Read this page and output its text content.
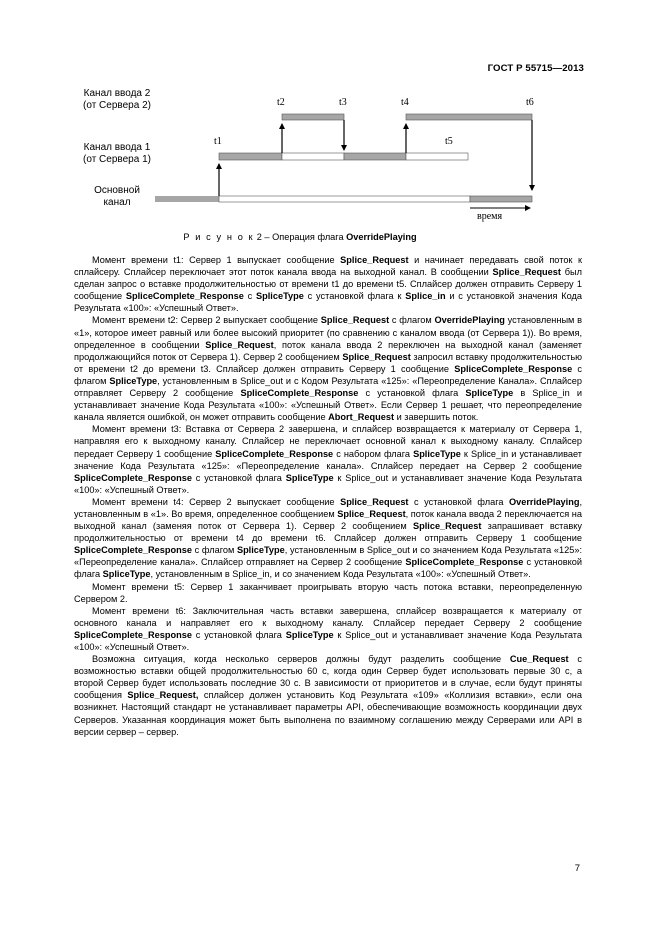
ГОСТ Р 55715—2013
Канал ввода 2
(от Сервера 2)
Канал ввода 1
(от Сервера 1)
Основной
канал
t1
t2	t3	t4
t5
t6
время
Р и с у н о к 2 – Операция флага OverridePlaying

Момент времени t1: Сервер 1 выпускает сообщение Splice_Request и начинает передавать свой поток к сплайсеру. Сплайсер переключает этот поток канала ввода на выходной канал. В сообщении Splice_Request был сделан запрос о вставке продолжительностью от времени t1 до времени t5. Сплайсер должен отправить Серверу 1 сообщение SpliceComplete_Response с SpliceType с установкой флага к Splice_in и с установкой значения Кода Результата «100»: «Успешный Ответ».

Момент времени t2: Сервер 2 выпускает сообщение Splice_Request с флагом OverridePlaying установленным в «1», которое имеет равный или более высокий приоритет (по сравнению с каналом ввода (от Сервера 1)). Во время, определенное в сообщении Splice_Request, поток канала ввода 2 переключен на выходной канал (заменяет продолжающийся поток от Сервера 1). Сервер 2 сообщением Splice_Request запросил вставку продолжительностью от времени t2 до времени t3. Сплайсер должен отправить Серверу 1 сообщение SpliceComplete_Response с флагом SpliceType, установленным в Splice_out и с Кодом Результата «125»: «Переопределение Канала». Сплайсер отправляет Серверу 2 сообщение SpliceComplete_Response с установкой флага SpliceType в Splice_in и устанавливает значение Кода Результата «100»: «Успешный Ответ». Если Сервер 1 решает, что переопределение канала является ошибкой, он может отправить сообщение Abort_Request и завершить поток.

Момент времени t3: Вставка от Сервера 2 завершена, и сплайсер возвращается к материалу от Сервера 1, направляя его к выходному каналу. Сплайсер не переключает основной канал к выходному каналу. Сплайсер передает Серверу 1 сообщение SpliceComplete_Response с набором флага SpliceType к Splice_in и устанавливает значение Кода Результата «125»: «Переопределение канала». Сплайсер передает на Сервер 2 сообщение SpliceComplete_Response с установкой флага SpliceType к Splice_out и устанавливает значение Кода Результата «100»: «Успешный Ответ».

Момент времени t4: Сервер 2 выпускает сообщение Splice_Request с установкой флага OverridePlaying, установленным в «1». Во время, определенное сообщением Splice_Request, поток канала ввода 2 переключается на выходной канал (заменяя поток от Сервера 1). Сервер 2 сообщением Splice_Request запрашивает вставку продолжительностью от времени t4 до времени t6. Сплайсер должен отправить Серверу 1 сообщение SpliceComplete_Response с флагом SpliceType, установленным в Splice_out и со значением Кода Результата «125»: «Переопределение канала». Сплайсер отправляет на Сервер 2 сообщение SpliceComplete_Response с установкой флага SpliceType, установленным в Splice_in, и со значением Кода Результата «100»: «Успешный Ответ».

Момент времени t5: Сервер 1 заканчивает проигрывать вторую часть потока вставки, переопределенную Сервером 2.

Момент времени t6: Заключительная часть вставки завершена, сплайсер возвращается к материалу от основного канала и направляет его к выходному каналу. Сплайсер передает Серверу 2 сообщение SpliceComplete_Response с установкой флага SpliceType к Splice_out и устанавливает значение Кода Результата «100»: «Успешный Ответ».

Возможна ситуация, когда несколько серверов должны будут разделить сообщение Cue_Request с возможностью вставки общей продолжительностью 60 с, когда один Сервер будет использовать первые 30 с, а второй Сервер будет использовать последние 30 с. В зависимости от приоритетов и в случае, если будут приняты сообщения Splice_Request, сплайсер должен установить Код Результата «109» «Коллизия вставки», если она возникнет. Настоящий стандарт не устанавливает параметры API, обеспечивающие возможность координации двух Серверов. Указанная координация может быть выполнена по взаимному соглашению между Серверами или API в версии сервер – сервер.

7
